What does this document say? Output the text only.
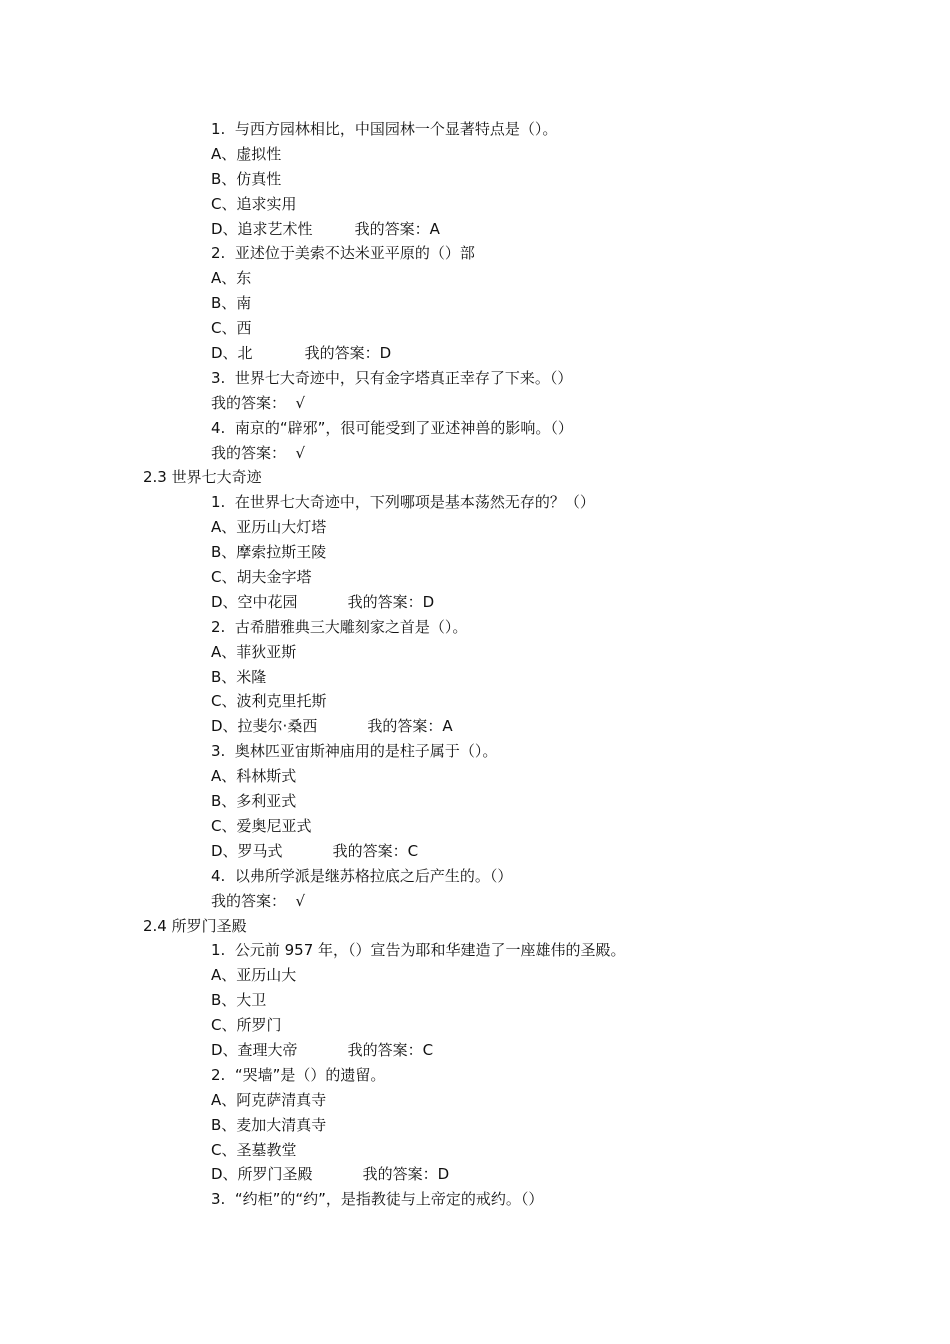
1.  与西方园林相比，中国园林一个显著特点是（）。
A、虚拟性
B、仿真性
C、追求实用
D、追求艺术性	我的答案：A
2.  亚述位于美索不达米亚平原的（）部
A、东
B、南
C、西
D、北	我的答案：D
3.  世界七大奇迹中，只有金字塔真正幸存了下来。（）
我的答案：  √
4.  南京的“辟邪”，很可能受到了亚述神兽的影响。（）
我的答案：  √
2.3 世界七大奇迹
1.  在世界七大奇迹中，下列哪项是基本荡然无存的？（）
A、亚历山大灯塔
B、摩索拉斯王陵
C、胡夫金字塔
D、空中花园	我的答案：D
2.  古希腊雅典三大雕刻家之首是（）。
A、菲狄亚斯
B、米隆
C、波利克里托斯
D、拉斐尔·桑西	我的答案：A
3.  奥林匹亚宙斯神庙用的是柱子属于（）。
A、科林斯式
B、多利亚式
C、爱奥尼亚式
D、罗马式	我的答案：C
4.  以弗所学派是继苏格拉底之后产生的。（）
我的答案：  √
2.4 所罗门圣殿
1.  公元前 957 年，（）宣告为耶和华建造了一座雄伟的圣殿。
A、亚历山大
B、大卫
C、所罗门
D、查理大帝	我的答案：C
2.  “哭墙”是（）的遗留。
A、阿克萨清真寺
B、麦加大清真寺
C、圣墓教堂
D、所罗门圣殿	我的答案：D
3.  “约柜”的“约”，是指教徒与上帝定的戒约。（）
